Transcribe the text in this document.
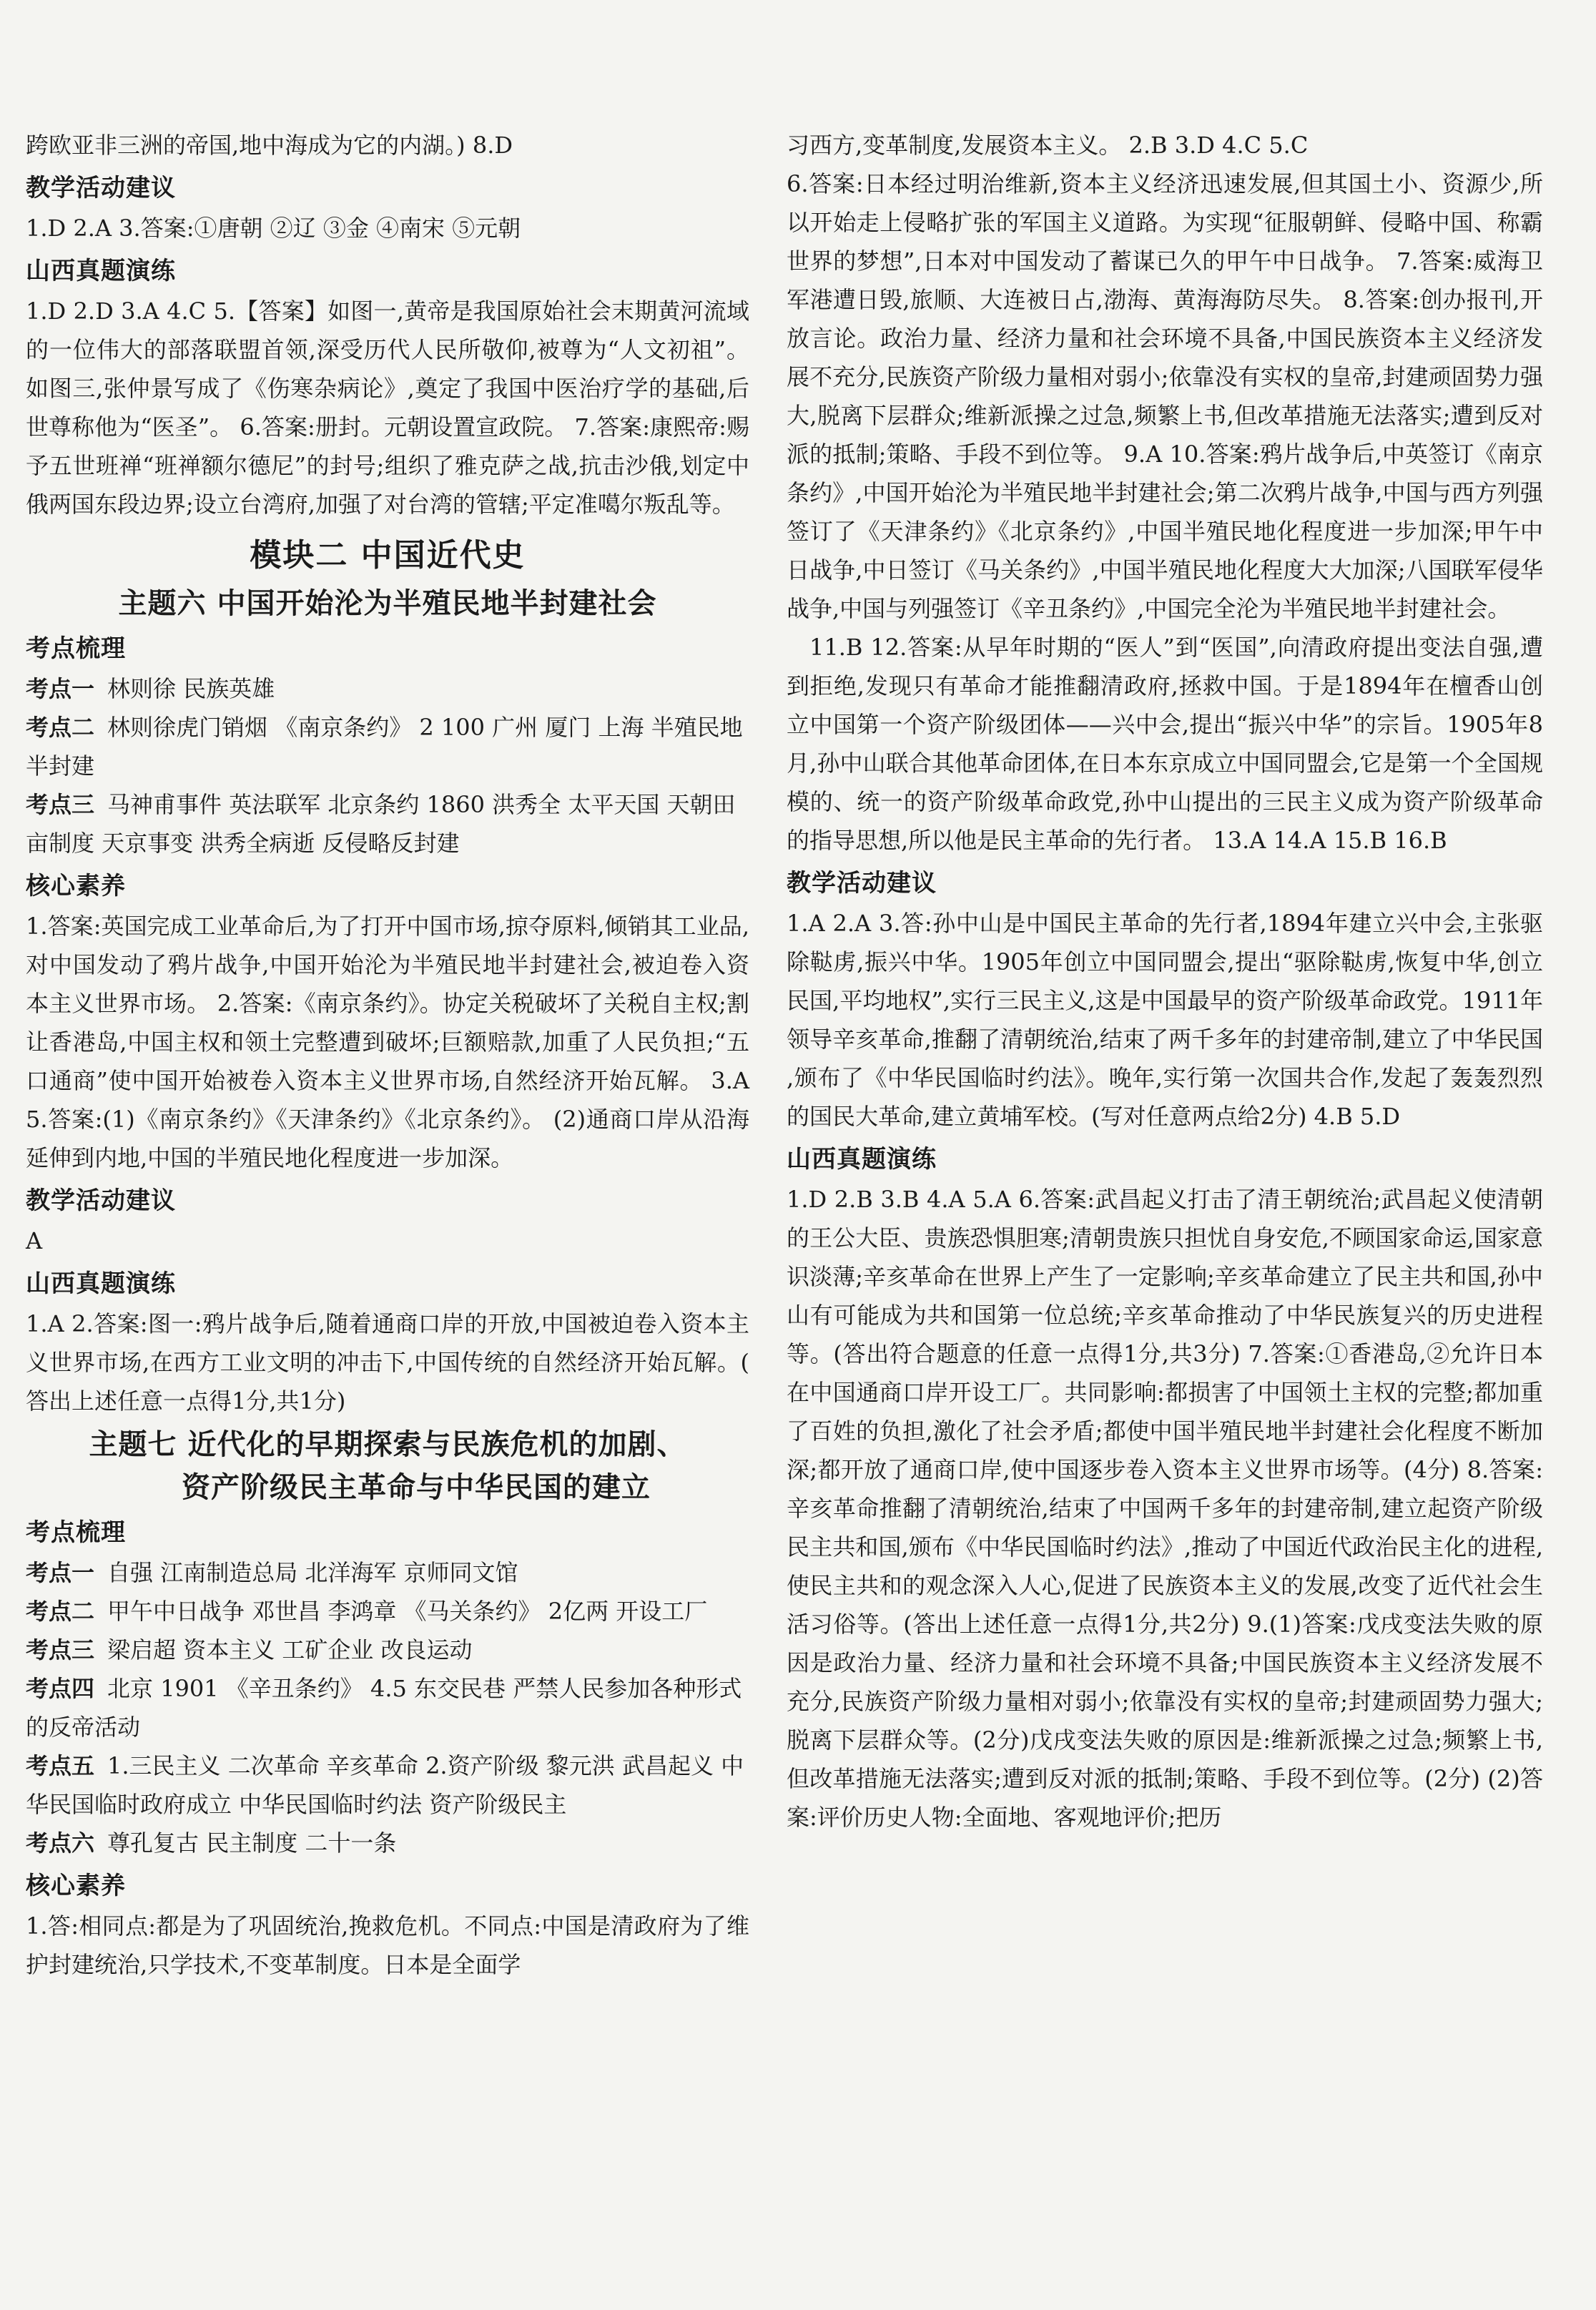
跨欧亚非三洲的帝国,地中海成为它的内湖。) 8.D

教学活动建议

1.D 2.A 3.答案:①唐朝 ②辽 ③金 ④南宋 ⑤元朝

山西真题演练

1.D 2.D 3.A 4.C 5.【答案】如图一,黄帝是我国原始社会末期黄河流域的一位伟大的部落联盟首领,深受历代人民所敬仰,被尊为“人文初祖”。如图三,张仲景写成了《伤寒杂病论》,奠定了我国中医治疗学的基础,后世尊称他为“医圣”。 6.答案:册封。元朝设置宣政院。 7.答案:康熙帝:赐予五世班禅“班禅额尔德尼”的封号;组织了雅克萨之战,抗击沙俄,划定中俄两国东段边界;设立台湾府,加强了对台湾的管辖;平定准噶尔叛乱等。

模块二 中国近代史
主题六 中国开始沦为半殖民地半封建社会
考点梳理

考点一 林则徐 民族英雄

考点二 林则徐虎门销烟 《南京条约》 2 100 广州 厦门 上海 半殖民地半封建

考点三 马神甫事件 英法联军 北京条约 1860 洪秀全 太平天国 天朝田亩制度 天京事变 洪秀全病逝 反侵略反封建

核心素养

1.答案:英国完成工业革命后,为了打开中国市场,掠夺原料,倾销其工业品,对中国发动了鸦片战争,中国开始沦为半殖民地半封建社会,被迫卷入资本主义世界市场。 2.答案:《南京条约》。协定关税破坏了关税自主权;割让香港岛,中国主权和领土完整遭到破坏;巨额赔款,加重了人民负担;“五口通商”使中国开始被卷入资本主义世界市场,自然经济开始瓦解。 3.A 5.答案:(1)《南京条约》《天津条约》《北京条约》。 (2)通商口岸从沿海延伸到内地,中国的半殖民地化程度进一步加深。

教学活动建议

A

山西真题演练

1.A 2.答案:图一:鸦片战争后,随着通商口岸的开放,中国被迫卷入资本主义世界市场,在西方工业文明的冲击下,中国传统的自然经济开始瓦解。(答出上述任意一点得1分,共1分)

主题七 近代化的早期探索与民族危机的加剧、
资产阶级民主革命与中华民国的建立
考点梳理

考点一 自强 江南制造总局 北洋海军 京师同文馆

考点二 甲午中日战争 邓世昌 李鸿章 《马关条约》 2亿两 开设工厂

考点三 梁启超 资本主义 工矿企业 改良运动

考点四 北京 1901 《辛丑条约》 4.5 东交民巷 严禁人民参加各种形式的反帝活动

考点五 1.三民主义 二次革命 辛亥革命 2.资产阶级 黎元洪 武昌起义 中华民国临时政府成立 中华民国临时约法 资产阶级民主

考点六 尊孔复古 民主制度 二十一条

核心素养

1.答:相同点:都是为了巩固统治,挽救危机。不同点:中国是清政府为了维护封建统治,只学技术,不变革制度。日本是全面学

习西方,变革制度,发展资本主义。 2.B 3.D 4.C 5.C

6.答案:日本经过明治维新,资本主义经济迅速发展,但其国土小、资源少,所以开始走上侵略扩张的军国主义道路。为实现“征服朝鲜、侵略中国、称霸世界的梦想”,日本对中国发动了蓄谋已久的甲午中日战争。 7.答案:威海卫军港遭日毁,旅顺、大连被日占,渤海、黄海海防尽失。 8.答案:创办报刊,开放言论。政治力量、经济力量和社会环境不具备,中国民族资本主义经济发展不充分,民族资产阶级力量相对弱小;依靠没有实权的皇帝,封建顽固势力强大,脱离下层群众;维新派操之过急,频繁上书,但改革措施无法落实;遭到反对派的抵制;策略、手段不到位等。 9.A 10.答案:鸦片战争后,中英签订《南京条约》,中国开始沦为半殖民地半封建社会;第二次鸦片战争,中国与西方列强签订了《天津条约》《北京条约》,中国半殖民地化程度进一步加深;甲午中日战争,中日签订《马关条约》,中国半殖民地化程度大大加深;八国联军侵华战争,中国与列强签订《辛丑条约》,中国完全沦为半殖民地半封建社会。

11.B 12.答案:从早年时期的“医人”到“医国”,向清政府提出变法自强,遭到拒绝,发现只有革命才能推翻清政府,拯救中国。于是1894年在檀香山创立中国第一个资产阶级团体——兴中会,提出“振兴中华”的宗旨。1905年8月,孙中山联合其他革命团体,在日本东京成立中国同盟会,它是第一个全国规模的、统一的资产阶级革命政党,孙中山提出的三民主义成为资产阶级革命的指导思想,所以他是民主革命的先行者。 13.A 14.A 15.B 16.B

教学活动建议

1.A 2.A 3.答:孙中山是中国民主革命的先行者,1894年建立兴中会,主张驱除鞑虏,振兴中华。1905年创立中国同盟会,提出“驱除鞑虏,恢复中华,创立民国,平均地权”,实行三民主义,这是中国最早的资产阶级革命政党。1911年领导辛亥革命,推翻了清朝统治,结束了两千多年的封建帝制,建立了中华民国,颁布了《中华民国临时约法》。晚年,实行第一次国共合作,发起了轰轰烈烈的国民大革命,建立黄埔军校。(写对任意两点给2分) 4.B 5.D

山西真题演练

1.D 2.B 3.B 4.A 5.A 6.答案:武昌起义打击了清王朝统治;武昌起义使清朝的王公大臣、贵族恐惧胆寒;清朝贵族只担忧自身安危,不顾国家命运,国家意识淡薄;辛亥革命在世界上产生了一定影响;辛亥革命建立了民主共和国,孙中山有可能成为共和国第一位总统;辛亥革命推动了中华民族复兴的历史进程等。(答出符合题意的任意一点得1分,共3分) 7.答案:①香港岛,②允许日本在中国通商口岸开设工厂。共同影响:都损害了中国领土主权的完整;都加重了百姓的负担,激化了社会矛盾;都使中国半殖民地半封建社会化程度不断加深;都开放了通商口岸,使中国逐步卷入资本主义世界市场等。(4分) 8.答案:辛亥革命推翻了清朝统治,结束了中国两千多年的封建帝制,建立起资产阶级民主共和国,颁布《中华民国临时约法》,推动了中国近代政治民主化的进程,使民主共和的观念深入人心,促进了民族资本主义的发展,改变了近代社会生活习俗等。(答出上述任意一点得1分,共2分) 9.(1)答案:戊戌变法失败的原因是政治力量、经济力量和社会环境不具备;中国民族资本主义经济发展不充分,民族资产阶级力量相对弱小;依靠没有实权的皇帝;封建顽固势力强大;脱离下层群众等。(2分)戊戌变法失败的原因是:维新派操之过急;频繁上书,但改革措施无法落实;遭到反对派的抵制;策略、手段不到位等。(2分) (2)答案:评价历史人物:全面地、客观地评价;把历
